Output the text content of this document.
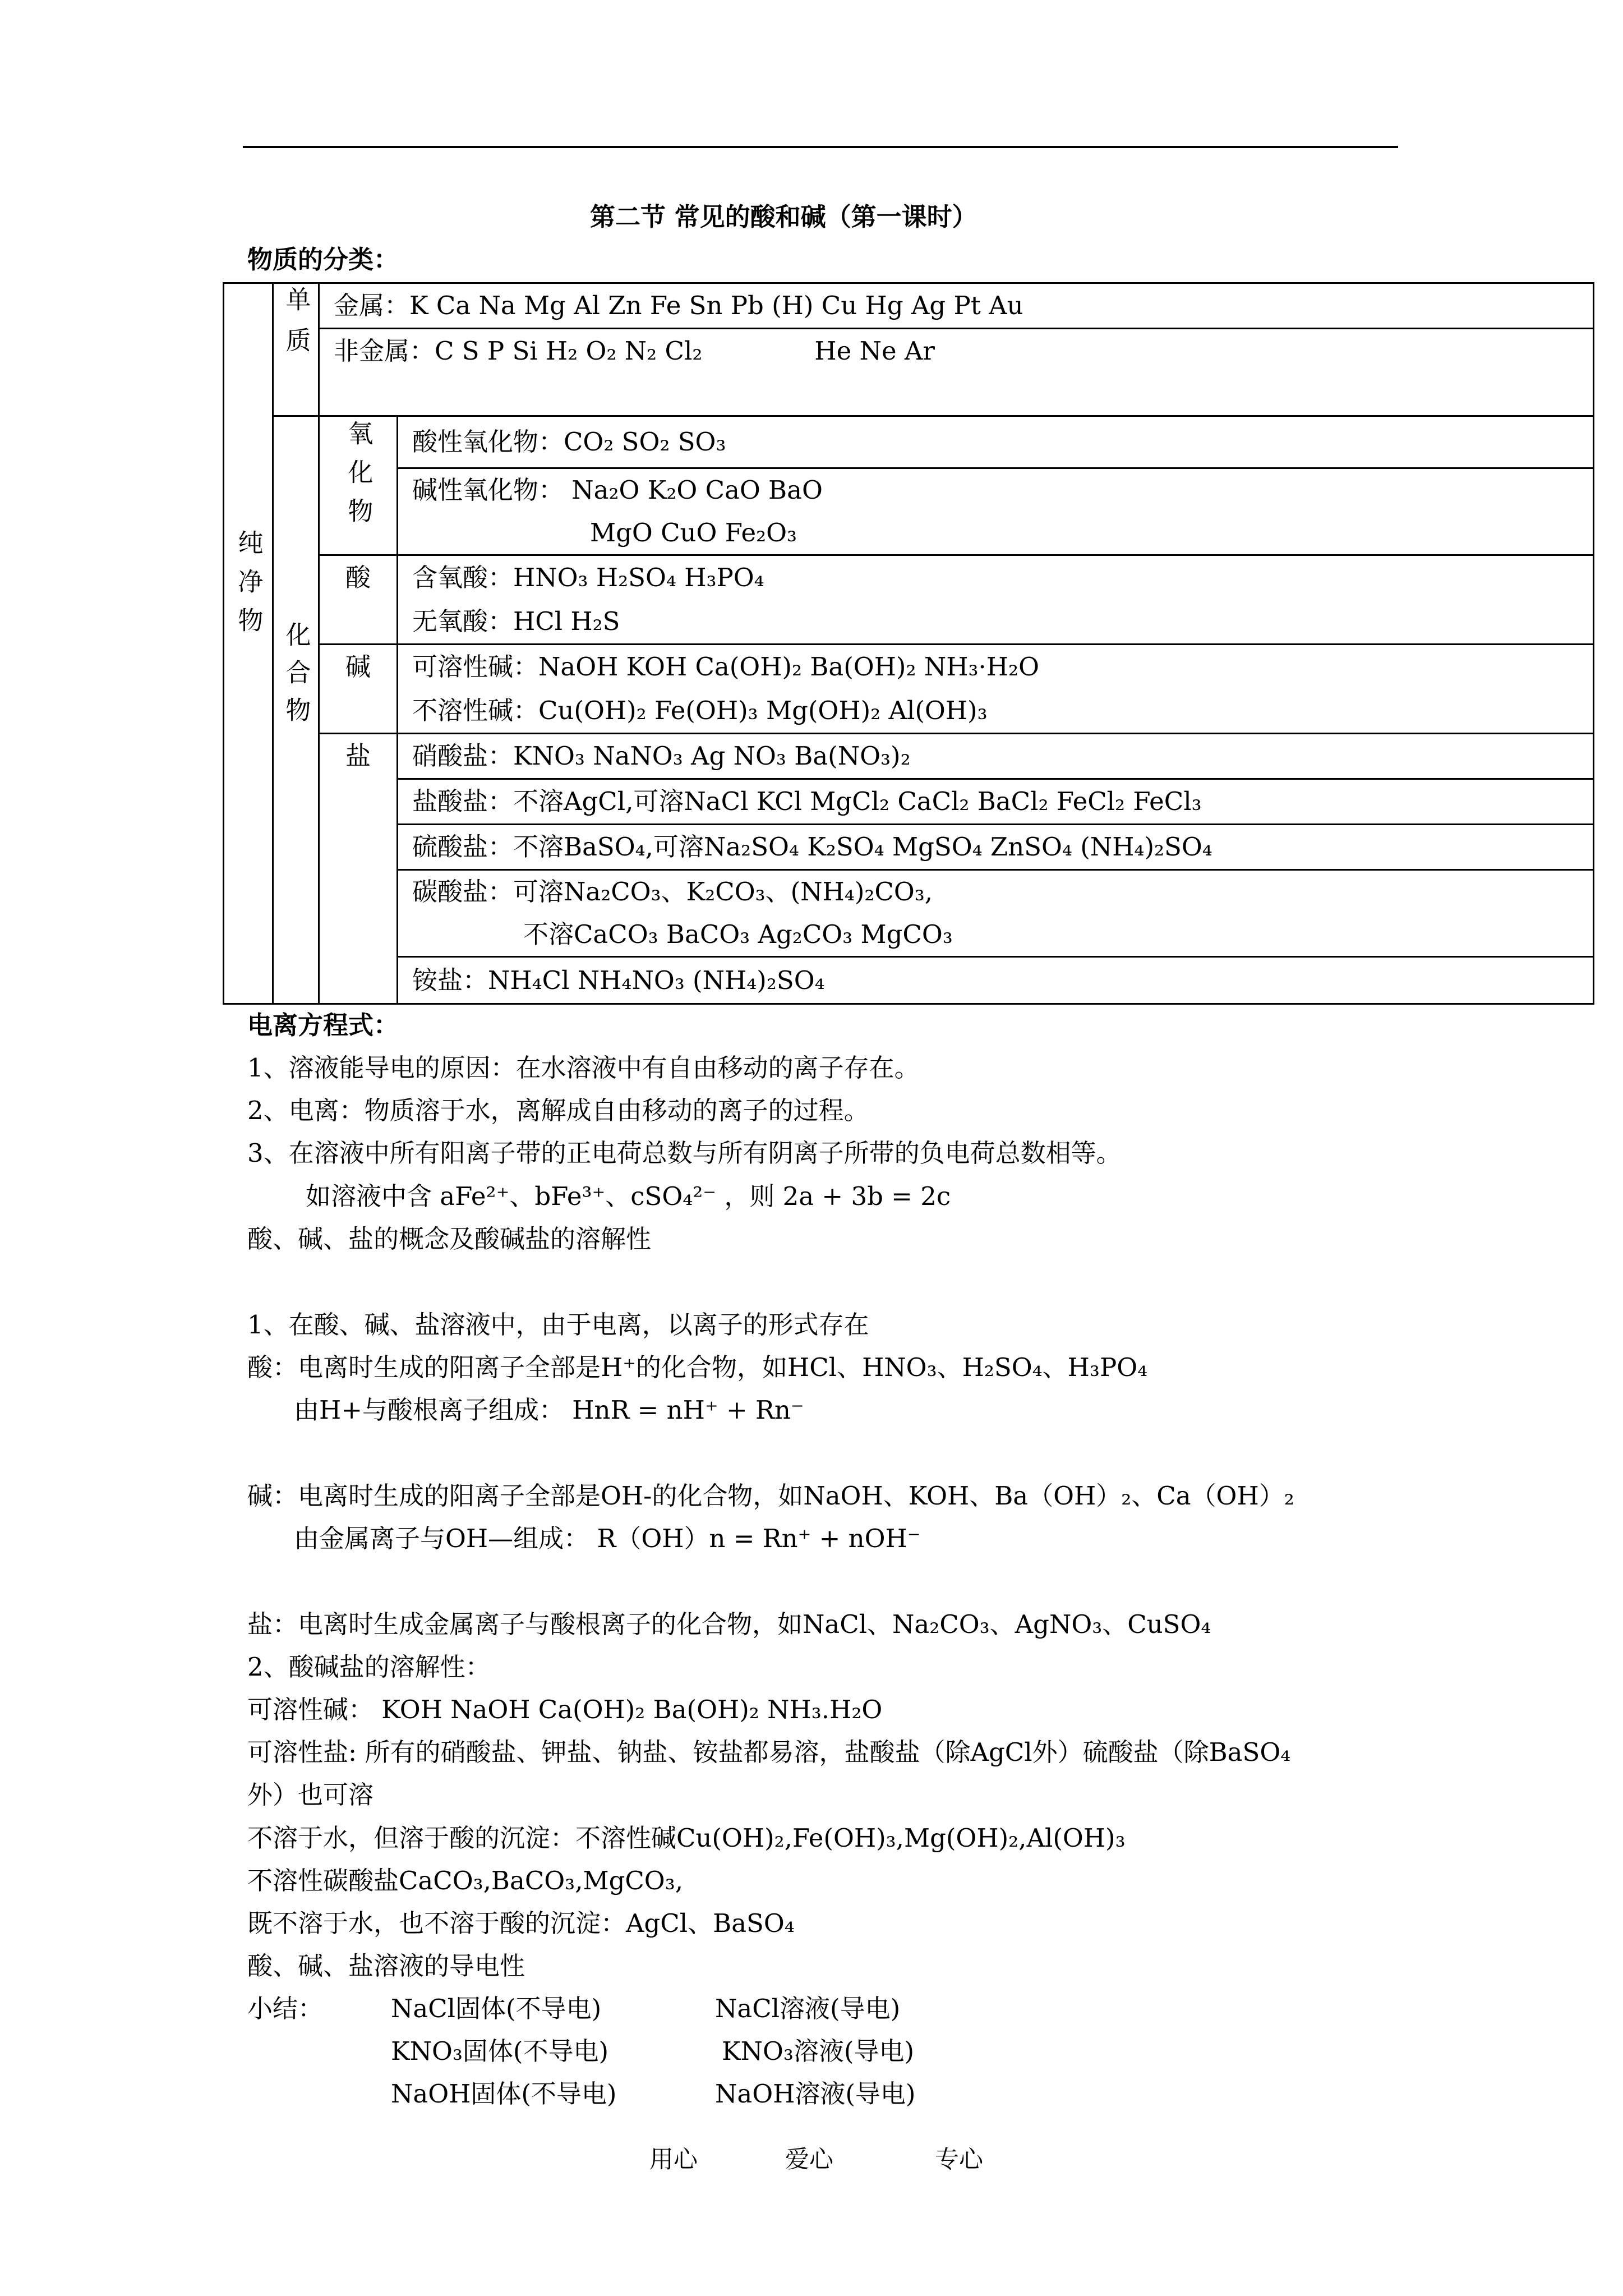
第二节 常见的酸和碱（第一课时）
物质的分类：
纯净物	单质	金属：K Ca Na Mg Al Zn Fe Sn Pb (H) Cu Hg Ag Pt Au	
		非金属：C S P Si H₂ O₂ N₂ Cl₂ He Ne Ar	

	化合物	氧化物	酸性氧化物：CO₂ SO₂ SO₃

			碱性氧化物： Na₂O K₂O CaO BaO
MgO CuO Fe₂O₃

		酸	含氧酸：HNO₃ H₂SO₄ H₃PO₄
			无氧酸：HCl H₂S
		碱	可溶性碱：NaOH KOH Ca(OH)₂ Ba(OH)₂ NH₃·H₂O
			不溶性碱：Cu(OH)₂ Fe(OH)₃ Mg(OH)₂ Al(OH)₃
		盐	硝酸盐：KNO₃ NaNO₃ Ag NO₃ Ba(NO₃)₂
			盐酸盐：不溶AgCl,可溶NaCl KCl MgCl₂ CaCl₂ BaCl₂ FeCl₂ FeCl₃
			硫酸盐：不溶BaSO₄,可溶Na₂SO₄ K₂SO₄ MgSO₄ ZnSO₄ (NH₄)₂SO₄

			碳酸盐：可溶Na₂CO₃、K₂CO₃、(NH₄)₂CO₃,
不溶CaCO₃ BaCO₃ Ag₂CO₃ MgCO₃

			铵盐：NH₄Cl NH₄NO₃ (NH₄)₂SO₄
电离方程式：
1、溶液能导电的原因：在水溶液中有自由移动的离子存在。
2、电离：物质溶于水，离解成自由移动的离子的过程。
3、在溶液中所有阳离子带的正电荷总数与所有阴离子所带的负电荷总数相等。
如溶液中含 aFe²⁺、bFe³⁺、cSO₄²⁻ ，则 2a + 3b = 2c
酸、碱、盐的概念及酸碱盐的溶解性
1、在酸、碱、盐溶液中，由于电离，以离子的形式存在
酸：电离时生成的阳离子全部是H⁺的化合物，如HCl、HNO₃、H₂SO₄、H₃PO₄
由H+与酸根离子组成： HnR = nH⁺ + Rn⁻
碱：电离时生成的阳离子全部是OH-的化合物，如NaOH、KOH、Ba（OH）₂、Ca（OH）₂
由金属离子与OH—组成： R（OH）n = Rn⁺ + nOH⁻
盐：电离时生成金属离子与酸根离子的化合物，如NaCl、Na₂CO₃、AgNO₃、CuSO₄
2、酸碱盐的溶解性：
可溶性碱： KOH NaOH Ca(OH)₂ Ba(OH)₂ NH₃.H₂O
可溶性盐: 所有的硝酸盐、钾盐、钠盐、铵盐都易溶，盐酸盐（除AgCl外）硫酸盐（除BaSO₄
外）也可溶
不溶于水，但溶于酸的沉淀：不溶性碱Cu(OH)₂,Fe(OH)₃,Mg(OH)₂,Al(OH)₃
不溶性碳酸盐CaCO₃,BaCO₃,MgCO₃,
既不溶于水，也不溶于酸的沉淀：AgCl、BaSO₄
酸、碱、盐溶液的导电性
小结：	NaCl固体(不导电)	NaCl溶液(导电)
KNO₃固体(不导电)	KNO₃溶液(导电)
NaOH固体(不导电)	NaOH溶液(导电)
用心	爱心	专心
